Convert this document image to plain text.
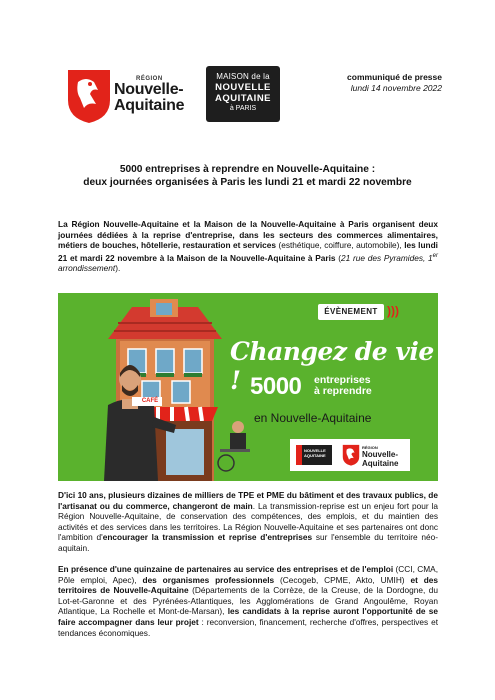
RÉGION
Nouvelle-
Aquitaine
MAISON de la
NOUVELLE
AQUITAINE
à PARIS
communiqué de presse
lundi 14 novembre 2022
5000 entreprises à reprendre en Nouvelle-Aquitaine :
deux journées organisées à Paris les lundi 21 et mardi 22 novembre
La Région Nouvelle-Aquitaine et la Maison de la Nouvelle-Aquitaine à Paris organisent deux journées dédiées à la reprise d'entreprise, dans les secteurs des commerces alimentaires, métiers de bouches, hôtellerie, restauration et services (esthétique, coiffure, automobile), les lundi 21 et mardi 22 novembre à la Maison de la Nouvelle-Aquitaine à Paris (21 rue des Pyramides, 1er arrondissement).
CAFÉ
ÉVÈNEMENT )))
Changez de vie ! 5000 entreprises
à reprendre
en Nouvelle-Aquitaine
NOUVELLE AQUITAINE
RÉGION
Nouvelle-
Aquitaine
D'ici 10 ans, plusieurs dizaines de milliers de TPE et PME du bâtiment et des travaux publics, de l'artisanat ou du commerce, changeront de main. La transmission-reprise est un enjeu fort pour la Région Nouvelle-Aquitaine, de conservation des compétences, des emplois, et du maintien des activités et des services dans les territoires. La Région Nouvelle-Aquitaine et ses partenaires ont donc l'ambition d'encourager la transmission et reprise d'entreprises sur l'ensemble du territoire néo-aquitain.
En présence d'une quinzaine de partenaires au service des entreprises et de l'emploi (CCI, CMA, Pôle emploi, Apec), des organismes professionnels (Cecogeb, CPME, Akto, UMIH) et des territoires de Nouvelle-Aquitaine (Départements de la Corrèze, de la Creuse, de la Dordogne, du Lot-et-Garonne et des Pyrénées-Atlantiques, les Agglomérations de Grand Angoulême, Royan Atlantique, La Rochelle et Mont-de-Marsan), les candidats à la reprise auront l'opportunité de se faire accompagner dans leur projet : reconversion, financement, recherche d'offres, perspectives et tendances économiques.
